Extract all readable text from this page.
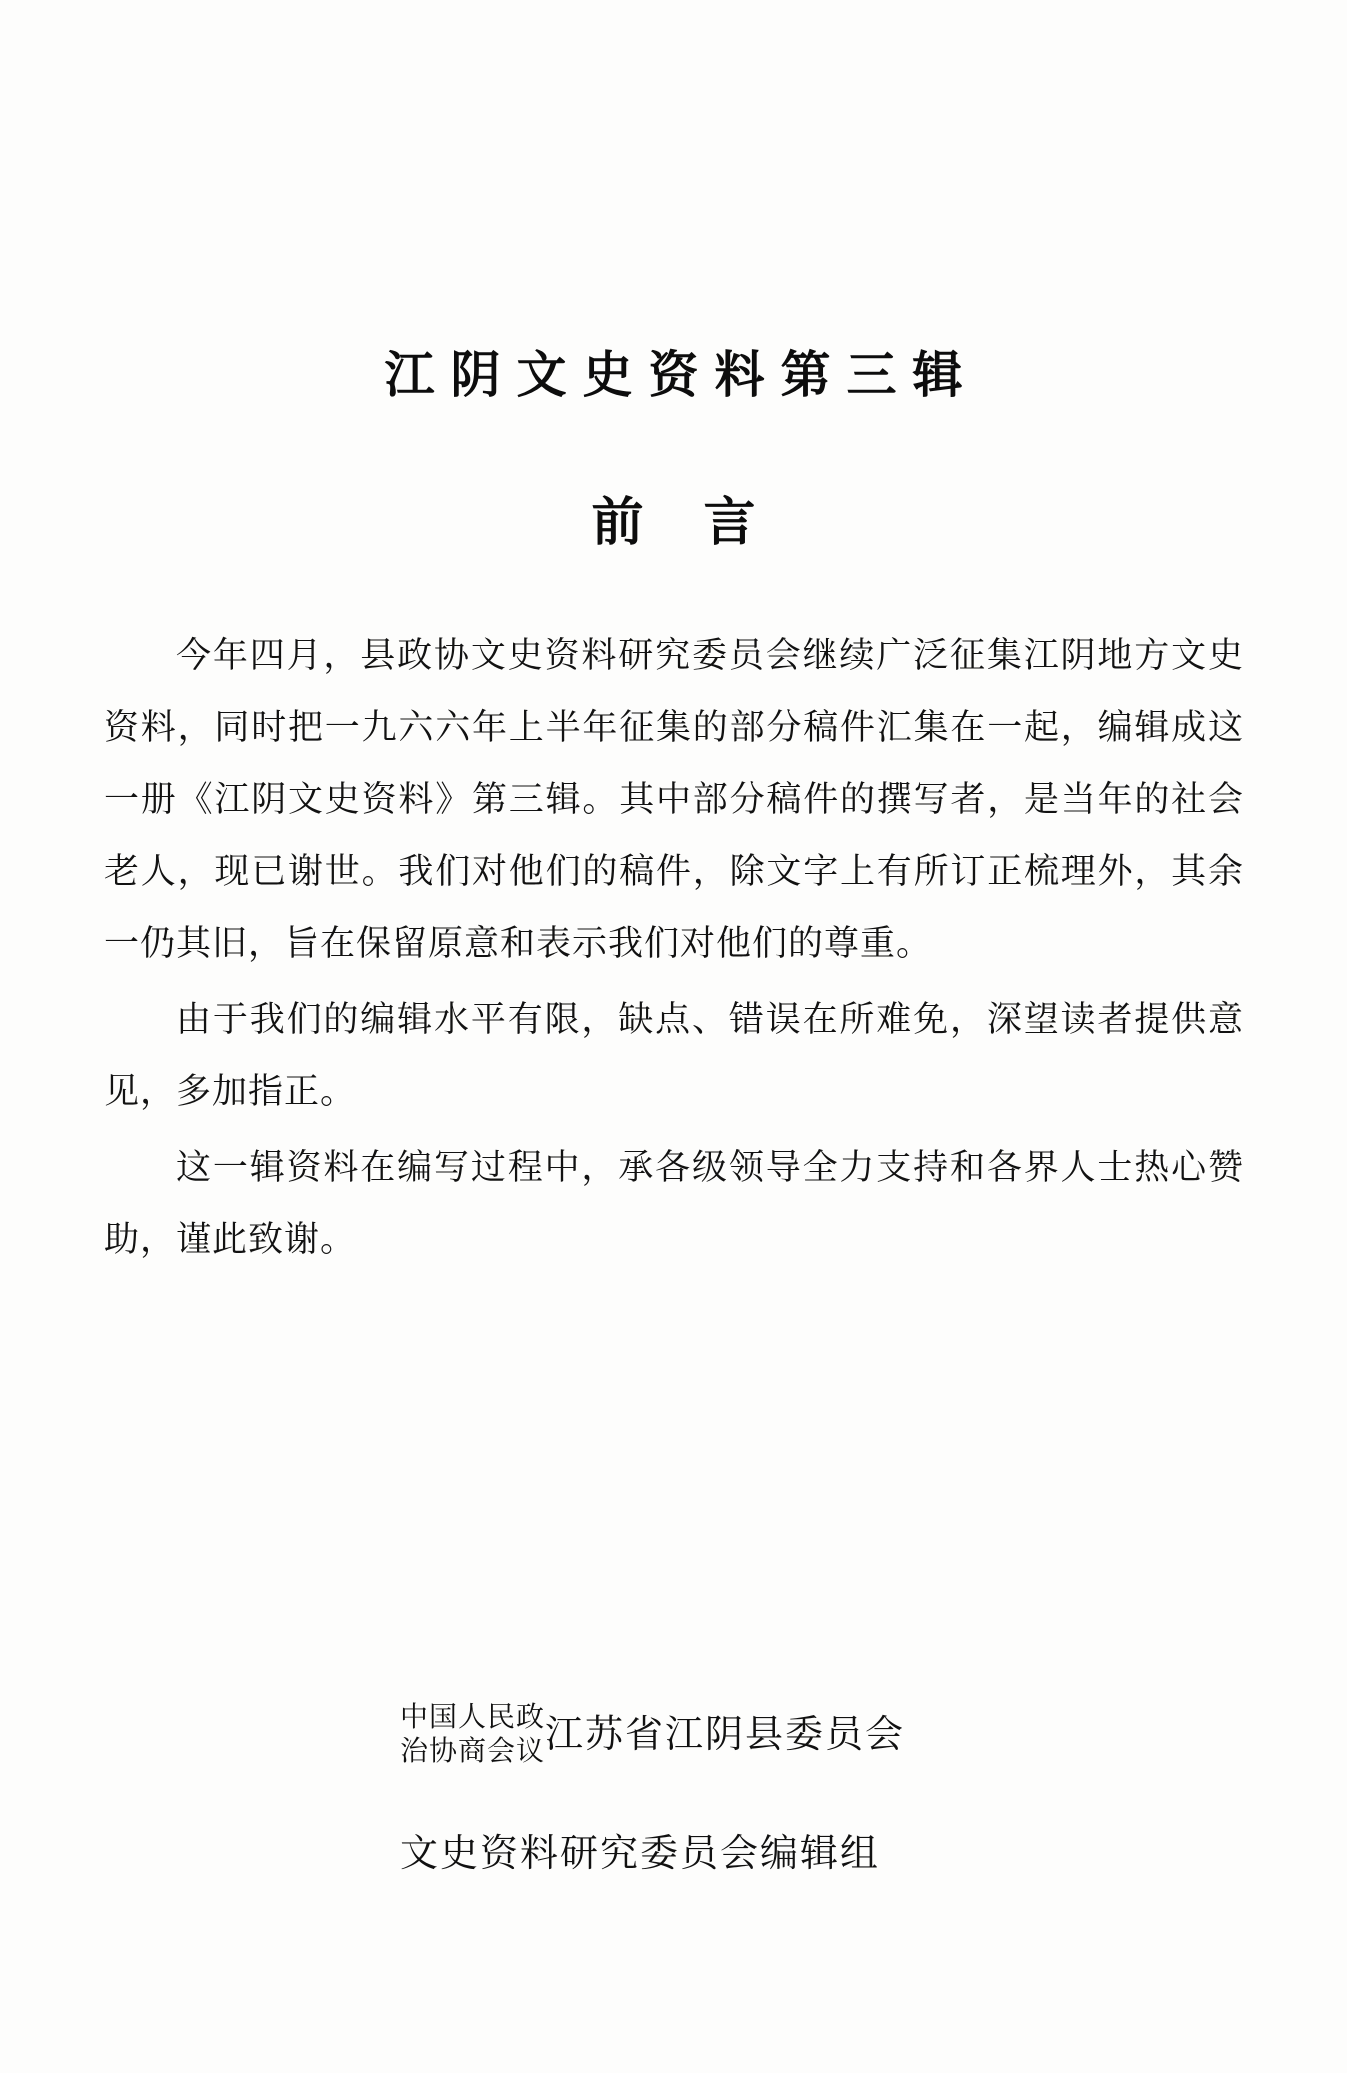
江阴文史资料第三辑
前言

今年四月，县政协文史资料研究委员会继续广泛征集江阴地方文史资料，同时把一九六六年上半年征集的部分稿件汇集在一起，编辑成这一册《江阴文史资料》第三辑。其中部分稿件的撰写者，是当年的社会老人，现已谢世。我们对他们的稿件，除文字上有所订正梳理外，其余一仍其旧，旨在保留原意和表示我们对他们的尊重。

由于我们的编辑水平有限，缺点、错误在所难免，深望读者提供意见，多加指正。

这一辑资料在编写过程中，承各级领导全力支持和各界人士热心赞助，谨此致谢。

中国人民政
治协商会议 江苏省江阴县委员会
文史资料研究委员会编辑组
